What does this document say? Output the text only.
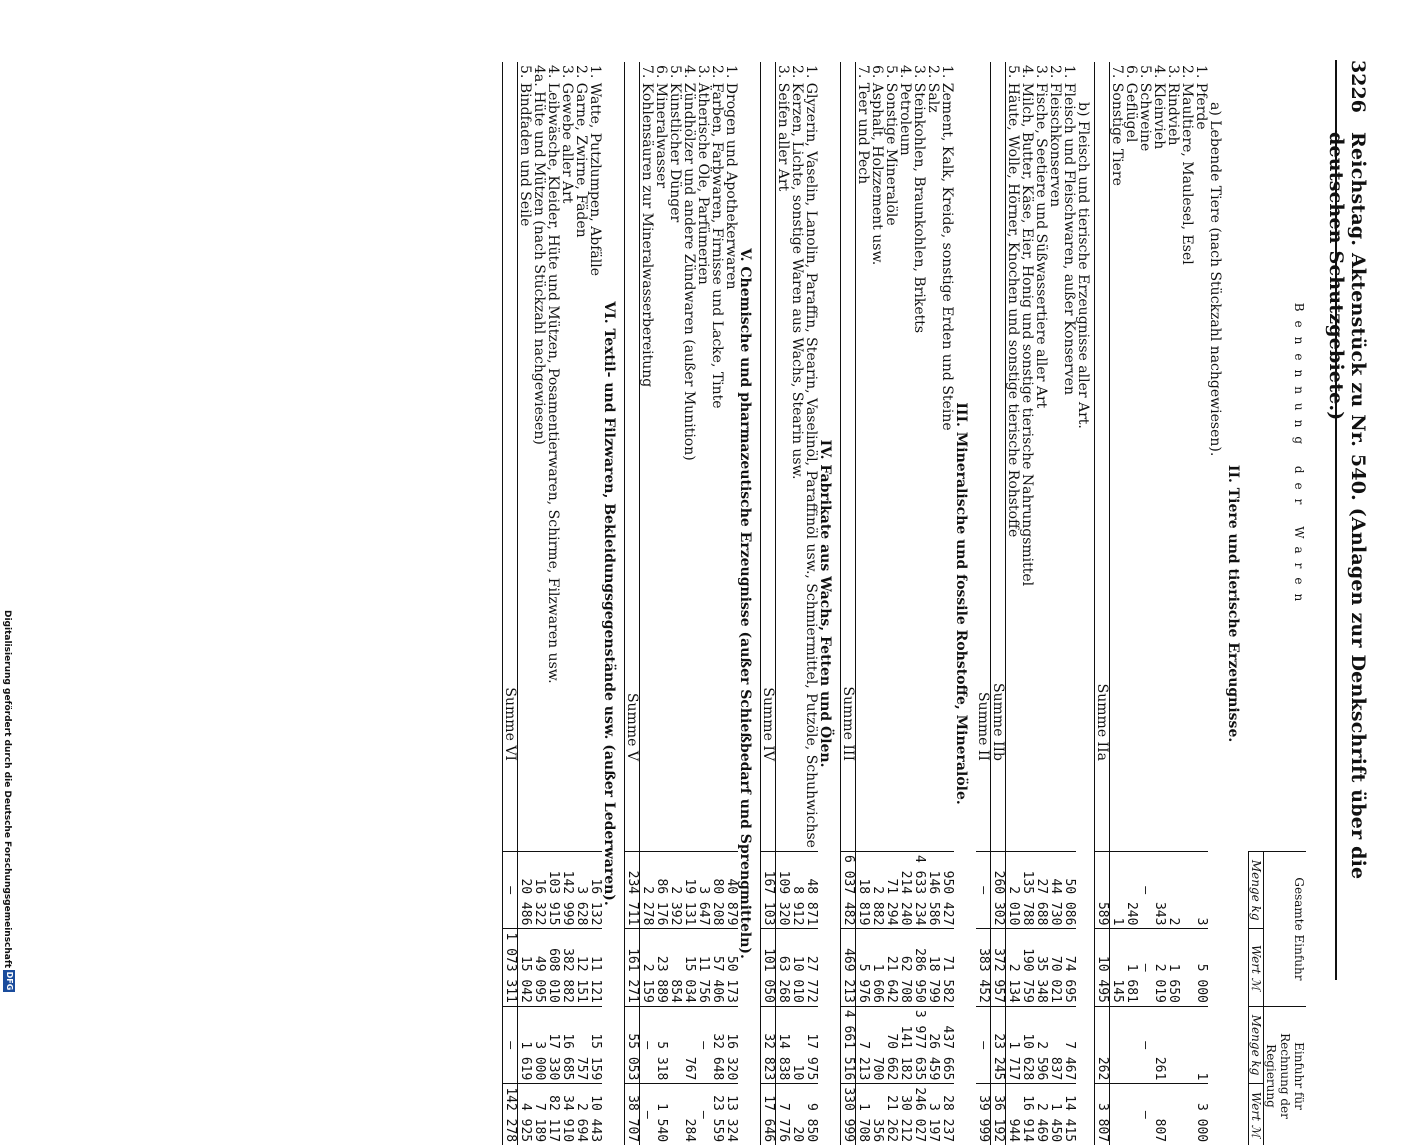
3226
Reichstag. Aktenstück zu Nr. 540. (Anlagen zur Denkschrift über die deutschen Schutzgebiete.)
Benennung der Waren	Gesamte Einfuhr		Einfuhr für Rechnung der Regierung	
	Menge kg	Wert ℳ	Menge kg	Wert ℳ
II. Tiere und tierische Erzeugnisse.				
a) Lebende Tiere (nach Stückzahl nachgewiesen).				
1. Pferde	3	5 000	1	3 000
2. Maultiere, Maulesel, Esel				
3. Rindvieh	2	1 650		
4. Kleinvieh	343	2 019	261	807
5. Schweine	—	—	—	—
6. Geflügel	240	1 681		
7. Sonstige Tiere	1	145		
Summe IIa	589	10 495	262	3 807
b) Fleisch und tierische Erzeugnisse aller Art.				
1. Fleisch und Fleischwaren, außer Konserven	50 086	74 695	7 467	14 415
2. Fleischkonserven	44 730	70 021	837	1 450
3. Fische, Seetiere und Süßwassertiere aller Art	27 688	35 348	2 596	2 469
4. Milch, Butter, Käse, Eier, Honig und sonstige tierische Nahrungsmittel	135 788	190 759	10 628	16 914
5. Häute, Wolle, Hörner, Knochen und sonstige tierische Rohstoffe	2 010	2 134	1 717	944
Summe IIb	260 302	372 957	23 245	36 192
Summe II	—	383 452	—	39 999
III. Mineralische und fossile Rohstoffe, Mineralöle.				
1. Zement, Kalk, Kreide, sonstige Erden und Steine	950 427	71 582	437 665	28 237
2. Salz	146 586	18 799	26 459	3 197
3. Steinkohlen, Braunkohlen, Briketts	4 633 234	286 950	3 977 635	246 027
4. Petroleum	214 240	62 708	141 182	30 212
5. Sonstige Mineralöle	71 294	21 642	70 662	21 262
6. Asphalt, Holzzement usw.	2 882	1 606	700	356
7. Teer und Pech	18 819	5 976	7 213	1 708
Summe III	6 037 482	469 213	4 661 516	330 999
IV. Fabrikate aus Wachs, Fetten und Ölen.				
1. Glyzerin, Vaselin, Lanolin, Paraffin, Stearin, Vaselinöl, Paraffinöl usw., Schmiermittel, Putzöle, Schuhwichse	48 871	27 772	17 975	9 850
2. Kerzen, Lichte, sonstige Waren aus Wachs, Stearin usw.	8 912	10 010	10	20
3. Seifen aller Art	109 320	63 268	14 838	7 776
Summe IV	167 103	101 050	32 823	17 646
V. Chemische und pharmazeutische Erzeugnisse (außer Schießbedarf und Sprengmitteln).				
1. Drogen und Apothekerwaren	40 879	50 173	16 320	13 324
2. Farben, Farbwaren, Firnisse und Lacke, Tinte	80 208	57 406	32 648	23 559
3. Ätherische Öle, Parfümerien	3 647	11 756	—	—
4. Zündhölzer und andere Zündwaren (außer Munition)	19 131	15 034	767	284
5. Künstlicher Dünger	2 392	854		
6. Mineralwasser	86 176	23 889	5 318	1 540
7. Kohlensäuren zur Mineralwasserbereitung	2 278	2 159	—	—
Summe V	234 711	161 271	55 053	38 707
VI. Textil- und Filzwaren, Bekleidungsgegenstände usw. (außer Lederwaren).				
1. Watte, Putzlumpen, Abfälle	16 132	11 121	15 159	10 443
2. Garne, Zwirne, Fäden	3 628	12 151	757	2 694
3. Gewebe aller Art	142 999	382 882	16 685	34 910
4. Leibwäsche, Kleider, Hüte und Mützen, Posamentierwaren, Schirme, Filzwaren usw.	103 915	608 010	17 330	82 117
4a. Hüte und Mützen (nach Stückzahl nachgewiesen)	16 322	49 095	3 000	7 189
5. Bindfaden und Seile	20 486	15 042	1 619	4 925
Summe VI	—	1 073 311	—	142 278
Digitalisierung gefördert durch die Deutsche Forschungsgemeinschaft
DFG
